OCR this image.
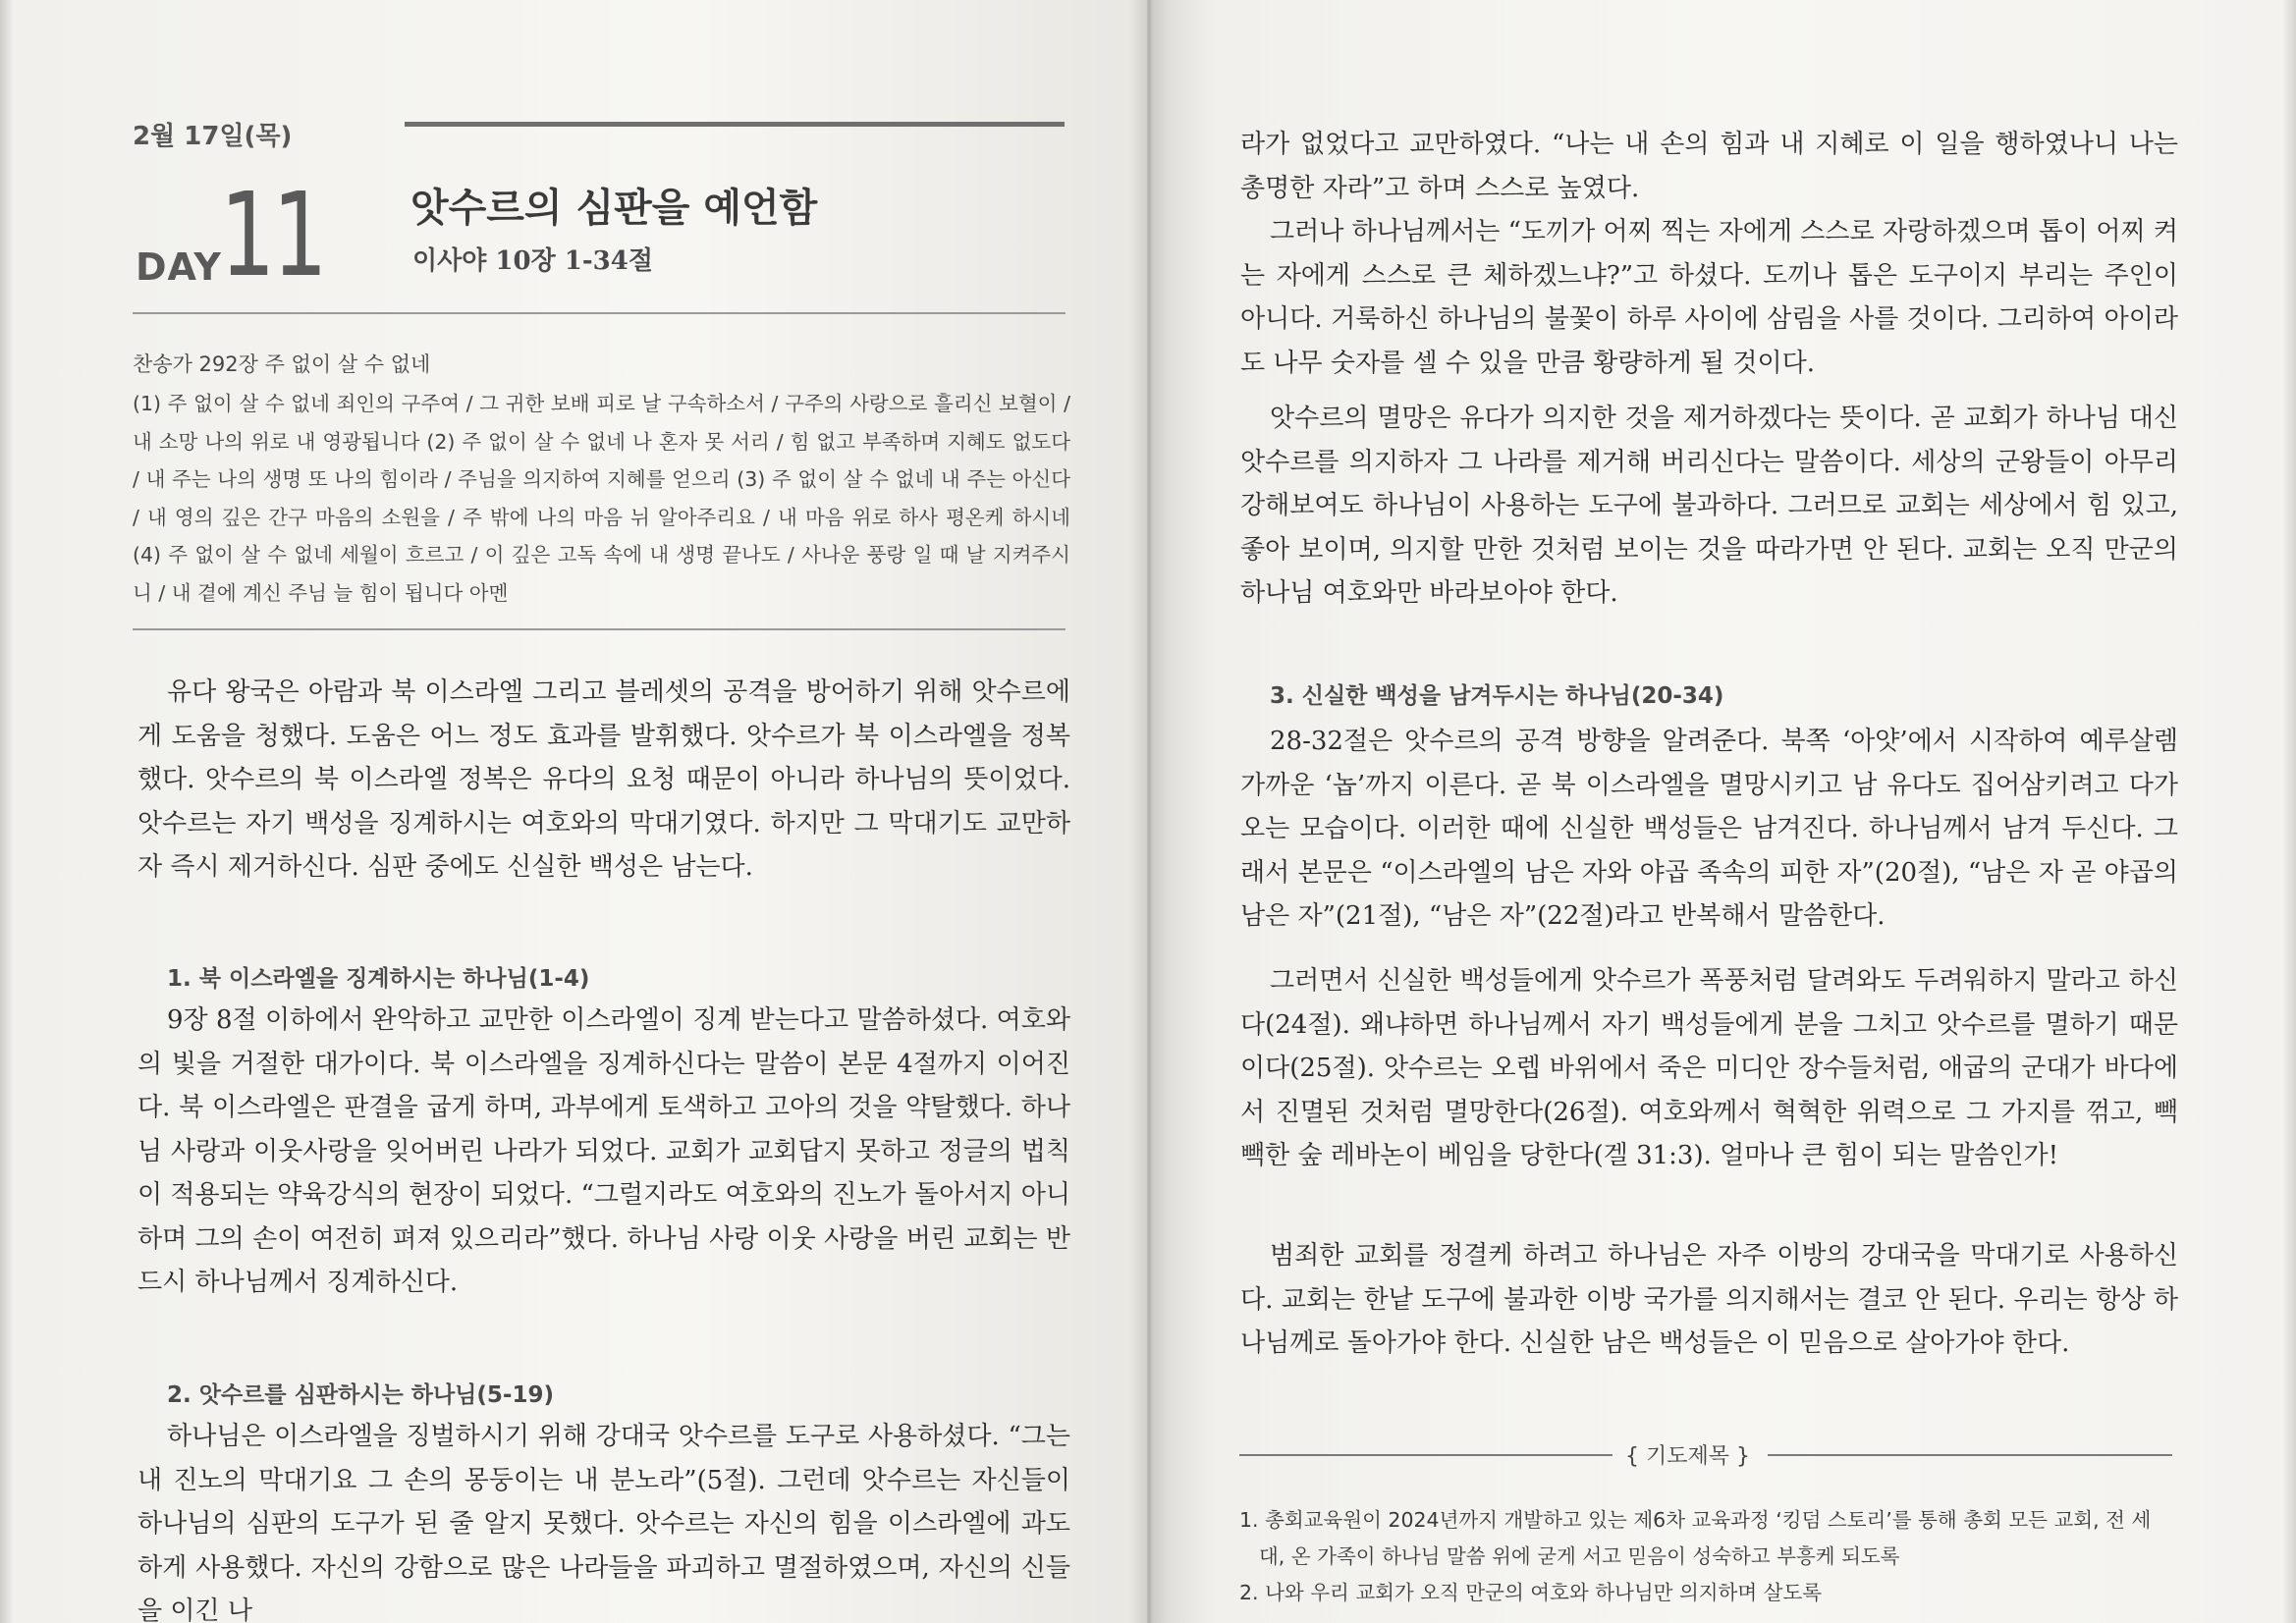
2월 17일(목)
DAY
11 앗수르의 심판을 예언함
이사야 10장 1-34절
찬송가 292장 주 없이 살 수 없네
(1) 주 없이 살 수 없네 죄인의 구주여 / 그 귀한 보배 피로 날 구속하소서 / 구주의 사랑으로 흘리신 보혈이 / 내 소망 나의 위로 내 영광됩니다 (2) 주 없이 살 수 없네 나 혼자 못 서리 / 힘 없고 부족하며 지혜도 없도다 / 내 주는 나의 생명 또 나의 힘이라 / 주님을 의지하여 지혜를 얻으리 (3) 주 없이 살 수 없네 내 주는 아신다 / 내 영의 깊은 간구 마음의 소원을 / 주 밖에 나의 마음 뉘 알아주리요 / 내 마음 위로 하사 평온케 하시네 (4) 주 없이 살 수 없네 세월이 흐르고 / 이 깊은 고독 속에 내 생명 끝나도 / 사나운 풍랑 일 때 날 지켜주시니 / 내 곁에 계신 주님 늘 힘이 됩니다 아멘
유다 왕국은 아람과 북 이스라엘 그리고 블레셋의 공격을 방어하기 위해 앗수르에게 도움을 청했다. 도움은 어느 정도 효과를 발휘했다. 앗수르가 북 이스라엘을 정복했다. 앗수르의 북 이스라엘 정복은 유다의 요청 때문이 아니라 하나님의 뜻이었다. 앗수르는 자기 백성을 징계하시는 여호와의 막대기였다. 하지만 그 막대기도 교만하자 즉시 제거하신다. 심판 중에도 신실한 백성은 남는다.
1. 북 이스라엘을 징계하시는 하나님(1-4)
9장 8절 이하에서 완악하고 교만한 이스라엘이 징계 받는다고 말씀하셨다. 여호와의 빛을 거절한 대가이다. 북 이스라엘을 징계하신다는 말씀이 본문 4절까지 이어진다. 북 이스라엘은 판결을 굽게 하며, 과부에게 토색하고 고아의 것을 약탈했다. 하나님 사랑과 이웃사랑을 잊어버린 나라가 되었다. 교회가 교회답지 못하고 정글의 법칙이 적용되는 약육강식의 현장이 되었다. “그럴지라도 여호와의 진노가 돌아서지 아니하며 그의 손이 여전히 펴져 있으리라”했다. 하나님 사랑 이웃 사랑을 버린 교회는 반드시 하나님께서 징계하신다.
2. 앗수르를 심판하시는 하나님(5-19)
하나님은 이스라엘을 징벌하시기 위해 강대국 앗수르를 도구로 사용하셨다. “그는 내 진노의 막대기요 그 손의 몽둥이는 내 분노라”(5절). 그런데 앗수르는 자신들이 하나님의 심판의 도구가 된 줄 알지 못했다. 앗수르는 자신의 힘을 이스라엘에 과도하게 사용했다. 자신의 강함으로 많은 나라들을 파괴하고 멸절하였으며, 자신의 신들을 이긴 나
라가 없었다고 교만하였다. “나는 내 손의 힘과 내 지혜로 이 일을 행하였나니 나는 총명한 자라”고 하며 스스로 높였다.
그러나 하나님께서는 “도끼가 어찌 찍는 자에게 스스로 자랑하겠으며 톱이 어찌 켜는 자에게 스스로 큰 체하겠느냐?”고 하셨다. 도끼나 톱은 도구이지 부리는 주인이 아니다. 거룩하신 하나님의 불꽃이 하루 사이에 삼림을 사를 것이다. 그리하여 아이라도 나무 숫자를 셀 수 있을 만큼 황량하게 될 것이다.
앗수르의 멸망은 유다가 의지한 것을 제거하겠다는 뜻이다. 곧 교회가 하나님 대신 앗수르를 의지하자 그 나라를 제거해 버리신다는 말씀이다. 세상의 군왕들이 아무리 강해보여도 하나님이 사용하는 도구에 불과하다. 그러므로 교회는 세상에서 힘 있고, 좋아 보이며, 의지할 만한 것처럼 보이는 것을 따라가면 안 된다. 교회는 오직 만군의 하나님 여호와만 바라보아야 한다.
3. 신실한 백성을 남겨두시는 하나님(20-34)
28-32절은 앗수르의 공격 방향을 알려준다. 북쪽 ‘아얏’에서 시작하여 예루살렘 가까운 ‘놉’까지 이른다. 곧 북 이스라엘을 멸망시키고 남 유다도 집어삼키려고 다가오는 모습이다. 이러한 때에 신실한 백성들은 남겨진다. 하나님께서 남겨 두신다. 그래서 본문은 “이스라엘의 남은 자와 야곱 족속의 피한 자”(20절), “남은 자 곧 야곱의 남은 자”(21절), “남은 자”(22절)라고 반복해서 말씀한다.
그러면서 신실한 백성들에게 앗수르가 폭풍처럼 달려와도 두려워하지 말라고 하신다(24절). 왜냐하면 하나님께서 자기 백성들에게 분을 그치고 앗수르를 멸하기 때문이다(25절). 앗수르는 오렙 바위에서 죽은 미디안 장수들처럼, 애굽의 군대가 바다에서 진멸된 것처럼 멸망한다(26절). 여호와께서 혁혁한 위력으로 그 가지를 꺾고, 빽빽한 숲 레바논이 베임을 당한다(겔 31:3). 얼마나 큰 힘이 되는 말씀인가!
범죄한 교회를 정결케 하려고 하나님은 자주 이방의 강대국을 막대기로 사용하신다. 교회는 한낱 도구에 불과한 이방 국가를 의지해서는 결코 안 된다. 우리는 항상 하나님께로 돌아가야 한다. 신실한 남은 백성들은 이 믿음으로 살아가야 한다.
{ 기도제목 }

1. 총회교육원이 2024년까지 개발하고 있는 제6차 교육과정 ‘킹덤 스토리’를 통해 총회 모든 교회, 전 세대, 온 가족이 하나님 말씀 위에 굳게 서고 믿음이 성숙하고 부흥케 되도록

2. 나와 우리 교회가 오직 만군의 여호와 하나님만 의지하며 살도록
